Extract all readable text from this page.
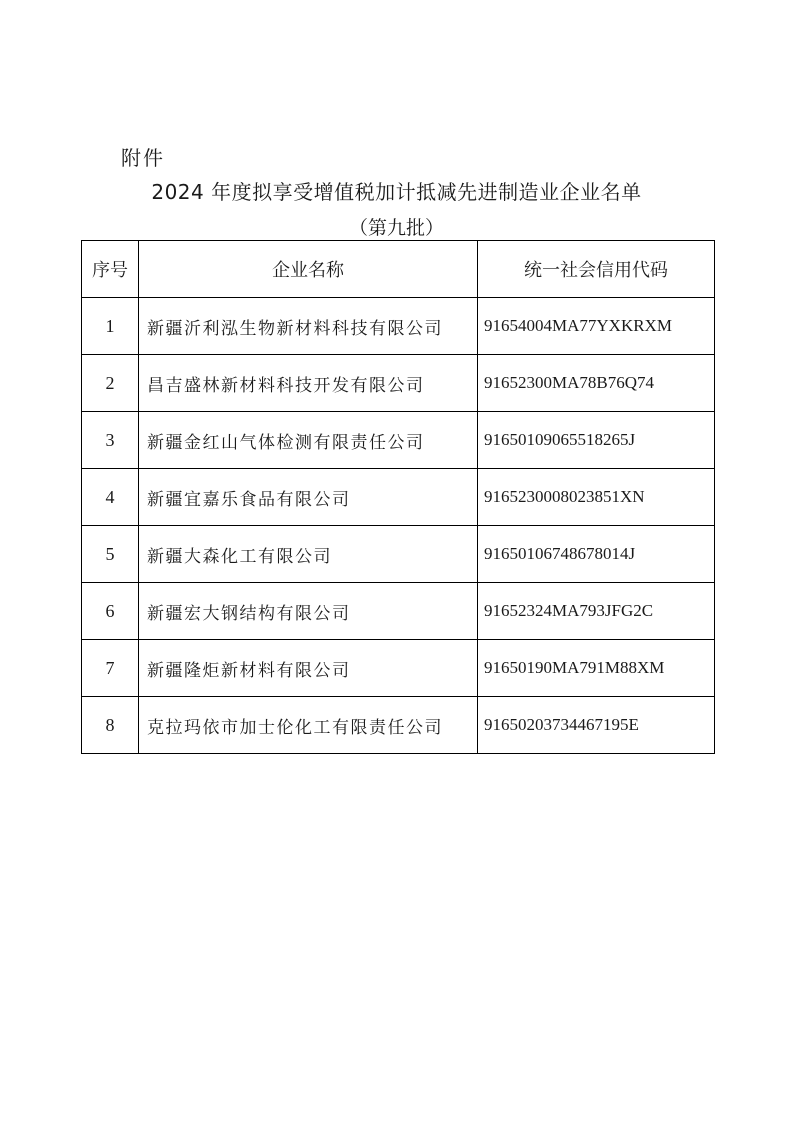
附件
2024 年度拟享受增值税加计抵减先进制造业企业名单
（第九批）
序号	企业名称	统一社会信用代码
1	新疆沂利泓生物新材料科技有限公司	91654004MA77YXKRXM
2	昌吉盛林新材料科技开发有限公司	91652300MA78B76Q74
3	新疆金红山气体检测有限责任公司	91650109065518265J
4	新疆宜嘉乐食品有限公司	9165230008023851XN
5	新疆大森化工有限公司	91650106748678014J
6	新疆宏大钢结构有限公司	91652324MA793JFG2C
7	新疆隆炬新材料有限公司	91650190MA791M88XM
8	克拉玛依市加士伦化工有限责任公司	91650203734467195E
